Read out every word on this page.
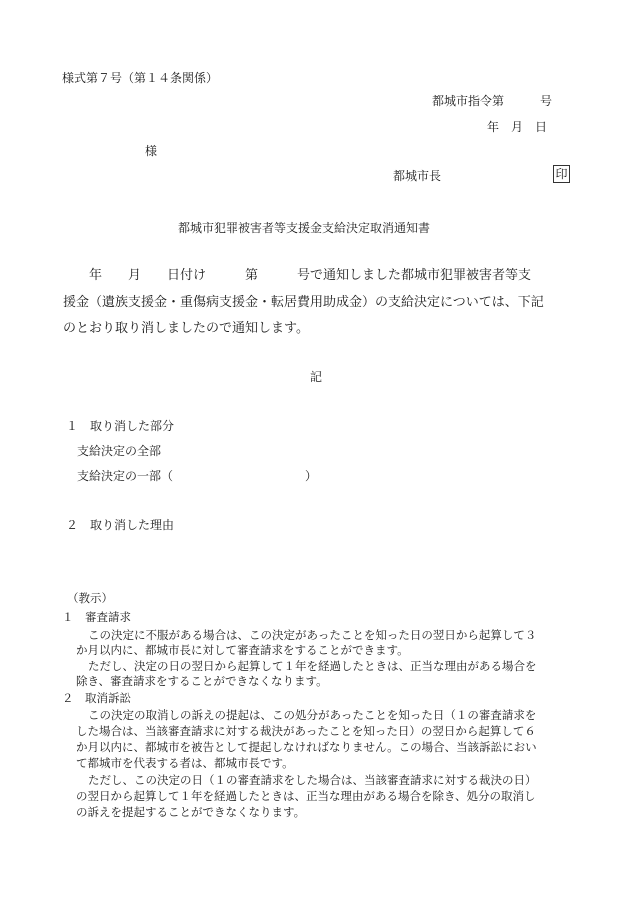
様式第７号（第１４条関係）
都城市指令第　　　号
年　月　日
様
都城市長	印
都城市犯罪被害者等支援金支給決定取消通知書
　　年　　月　　日付け　　　第　　　号で通知しました都城市犯罪被害者等支
援金（遺族支援金・重傷病支援金・転居費用助成金）の支給決定については、下記
のとおり取り消しましたので通知します。
記
１　取り消した部分
支給決定の全部
支給決定の一部（　　　　　　　　　　　）
２　取り消した理由
（教示）
１　審査請求
この決定に不服がある場合は、この決定があったことを知った日の翌日から起算して３
か月以内に、都城市長に対して審査請求をすることができます。
ただし、決定の日の翌日から起算して１年を経過したときは、正当な理由がある場合を
除き、審査請求をすることができなくなります。
２　取消訴訟
この決定の取消しの訴えの提起は、この処分があったことを知った日（１の審査請求を
した場合は、当該審査請求に対する裁決があったことを知った日）の翌日から起算して６
か月以内に、都城市を被告として提起しなければなりません。この場合、当該訴訟におい
て都城市を代表する者は、都城市長です。
ただし、この決定の日（１の審査請求をした場合は、当該審査請求に対する裁決の日）
の翌日から起算して１年を経過したときは、正当な理由がある場合を除き、処分の取消し
の訴えを提起することができなくなります。
